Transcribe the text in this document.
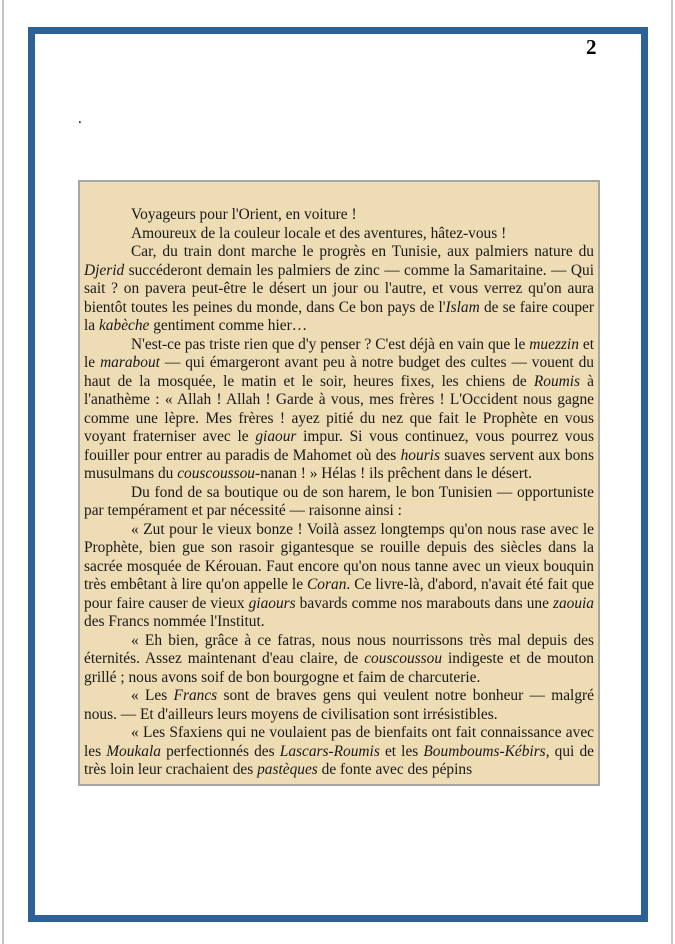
2
.

Voyageurs pour l'Orient, en voiture !

Amoureux de la couleur locale et des aventures, hâtez-vous !

Car, du train dont marche le progrès en Tunisie, aux palmiers nature du Djerid succéderont demain les palmiers de zinc — comme la Samaritaine. — Qui sait ? on pavera peut-être le désert un jour ou l'autre, et vous verrez qu'on aura bientôt toutes les peines du monde, dans Ce bon pays de l'Islam de se faire couper la kabèche gentiment comme hier…

N'est-ce pas triste rien que d'y penser ? C'est déjà en vain que le muezzin et le marabout — qui émargeront avant peu à notre budget des cultes — vouent du haut de la mosquée, le matin et le soir, heures fixes, les chiens de Roumis à l'anathème : « Allah ! Allah ! Garde à vous, mes frères ! L'Occident nous gagne comme une lèpre. Mes frères ! ayez pitié du nez que fait le Prophète en vous voyant fraterniser avec le giaour impur. Si vous continuez, vous pourrez vous fouiller pour entrer au paradis de Mahomet où des houris suaves servent aux bons musulmans du couscoussou-nanan ! » Hélas ! ils prêchent dans le désert.

Du fond de sa boutique ou de son harem, le bon Tunisien — opportuniste par tempérament et par nécessité — raisonne ainsi :

« Zut pour le vieux bonze ! Voilà assez longtemps qu'on nous rase avec le Prophète, bien gue son rasoir gigantesque se rouille depuis des siècles dans la sacrée mosquée de Kérouan. Faut encore qu'on nous tanne avec un vieux bouquin très embêtant à lire qu'on appelle le Coran. Ce livre-là, d'abord, n'avait été fait que pour faire causer de vieux giaours bavards comme nos marabouts dans une zaouia des Francs nommée l'Institut.

« Eh bien, grâce à ce fatras, nous nous nourrissons très mal depuis des éternités. Assez maintenant d'eau claire, de couscoussou indigeste et de mouton grillé ; nous avons soif de bon bourgogne et faim de charcuterie.

« Les Francs sont de braves gens qui veulent notre bonheur — malgré nous. — Et d'ailleurs leurs moyens de civilisation sont irrésistibles.

« Les Sfaxiens qui ne voulaient pas de bienfaits ont fait connaissance avec les Moukala perfectionnés des Lascars-Roumis et les Boumboums-Kébirs, qui de très loin leur crachaient des pastèques de fonte avec des pépins
